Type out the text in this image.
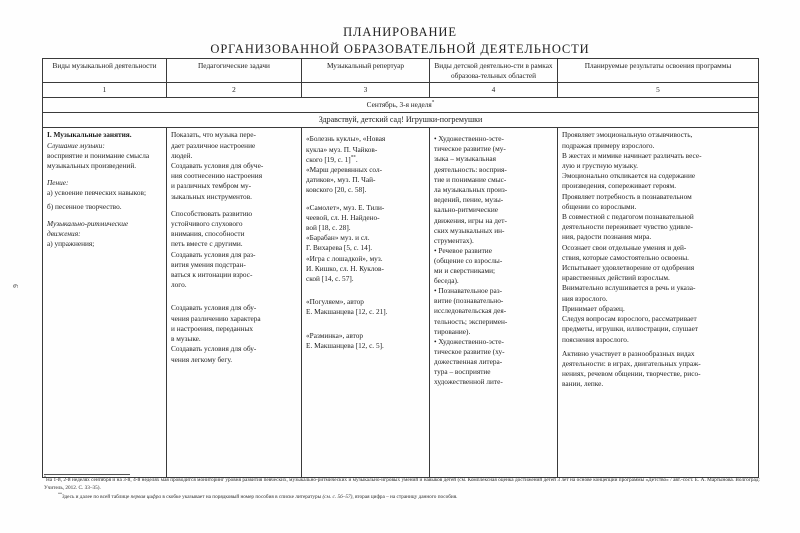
9
ПЛАНИРОВАНИЕ
ОРГАНИЗОВАННОЙ ОБРАЗОВАТЕЛЬНОЙ ДЕЯТЕЛЬНОСТИ
Виды музыкальной деятельности	Педагогические задачи	Музыкальный репертуар	Виды детской деятельно-сти в рамках образова-тельных областей	Планируемые результаты освоения программы
1	2	3	4	5
Сентябрь, 3-я неделя*
Здравствуй, детский сад! Игрушки-погремушки				

I. Музыкальные занятия.
Слушание музыки:
восприятие и понимание смысла музыкальных произведений.
Пение:
а) усвоение певческих навыков;
б) песенное творчество.
Музыкально-ритмические движения:
а) упражнения;

Показать, что музыка пере-
дает различное настроение
людей.
Создавать условия для обуче-
ния соотнесению настроения
и различных тембром му-
зыкальных инструментов.
Способствовать развитию
устойчивого слухового
внимания, способности
петь вместе с другими.
Создавать условия для раз-
вития умения подстран-
ваться к интонации взрос-
лого.
Создавать условия для обу-
чения различению характера
и настроения, переданных
в музыке.
Создавать условия для обу-
чения легкому бегу.

«Болезнь куклы», «Новая
кукла» муз. П. Чайков-
ского [19, с. 1]**.
«Марш деревянных сол-
датиков», муз. П. Чай-
ковского [20, с. 58].
«Самолет», муз. Е. Тили-
чеевой, сл. Н. Найдено-
вой [18, с. 28].
«Барабан» муз. и сл.
Г. Вихарева [5, с. 14].
«Игра с лошадкой», муз.
И. Кишко, сл. Н. Куклов-
ской [14, с. 57].
«Погуляем», автор
Е. Макшанцева [12, с. 21].
«Разминка», автор
Е. Макшанцева [12, с. 5].

• Художественно-эсте-
тическое развитие (му-
зыка – музыкальная
деятельность: восприя-
тие и понимание смыс-
ла музыкальных произ-
ведений, пение, музы-
кально-ритмические
движения, игры на дет-
ских музыкальных ин-
струментах).
• Речевое развитие
(общение со взрослы-
ми и сверстниками;
беседа).
• Познавательное раз-
витие (познавательно-
исследовательская дея-
тельность; эксперимен-
тирование).
• Художественно-эсте-
тическое развитие (ху-
дожественная литера-
тура – восприятие
художественной лите-

Проявляет эмоциональную отзывчивость,
подражая примеру взрослого.
В жестах и мимике начинает различать весе-
лую и грустную музыку.
Эмоционально откликается на содержание
произведения, сопереживает героям.
Проявляет потребность в познавательном
общении со взрослыми.
В совместной с педагогом познавательной
деятельности переживает чувство удивле-
ния, радости познания мира.
Осознает свои отдельные умения и дей-
ствия, которые самостоятельно освоены.
Испытывает удовлетворение от одобрения
нравственных действий взрослым.
Внимательно вслушивается в речь и указа-
ния взрослого.
Принимает образец.
Следуя вопросам взрослого, рассматривает
предметы, игрушки, иллюстрации, слушает
пояснения взрослого.
Активно участвует в разнообразных видах
деятельности: в играх, двигательных упраж-
нениях, речевом общении, творчестве, рисо-
вании, лепке.

*На 1-й, 2-й неделях сентября и на 3-й, 4-й неделях мая проводится мониторинг уровня развития певческих, музыкально-ритмических и музыкально-игровых умений и навыков детей (см. Комплексная оценка достижений детей 3 лет на основе концепции программы «Детство» / авт.-сост. Е. А. Мартынова. Волгоград: Учитель, 2012. С. 33–35).

**Здесь и далее по всей таблице первая цифра в скобке указывает на порядковый номер пособия в списке литературы (см. с. 56–57), вторая цифра – на страницу данного пособия.
